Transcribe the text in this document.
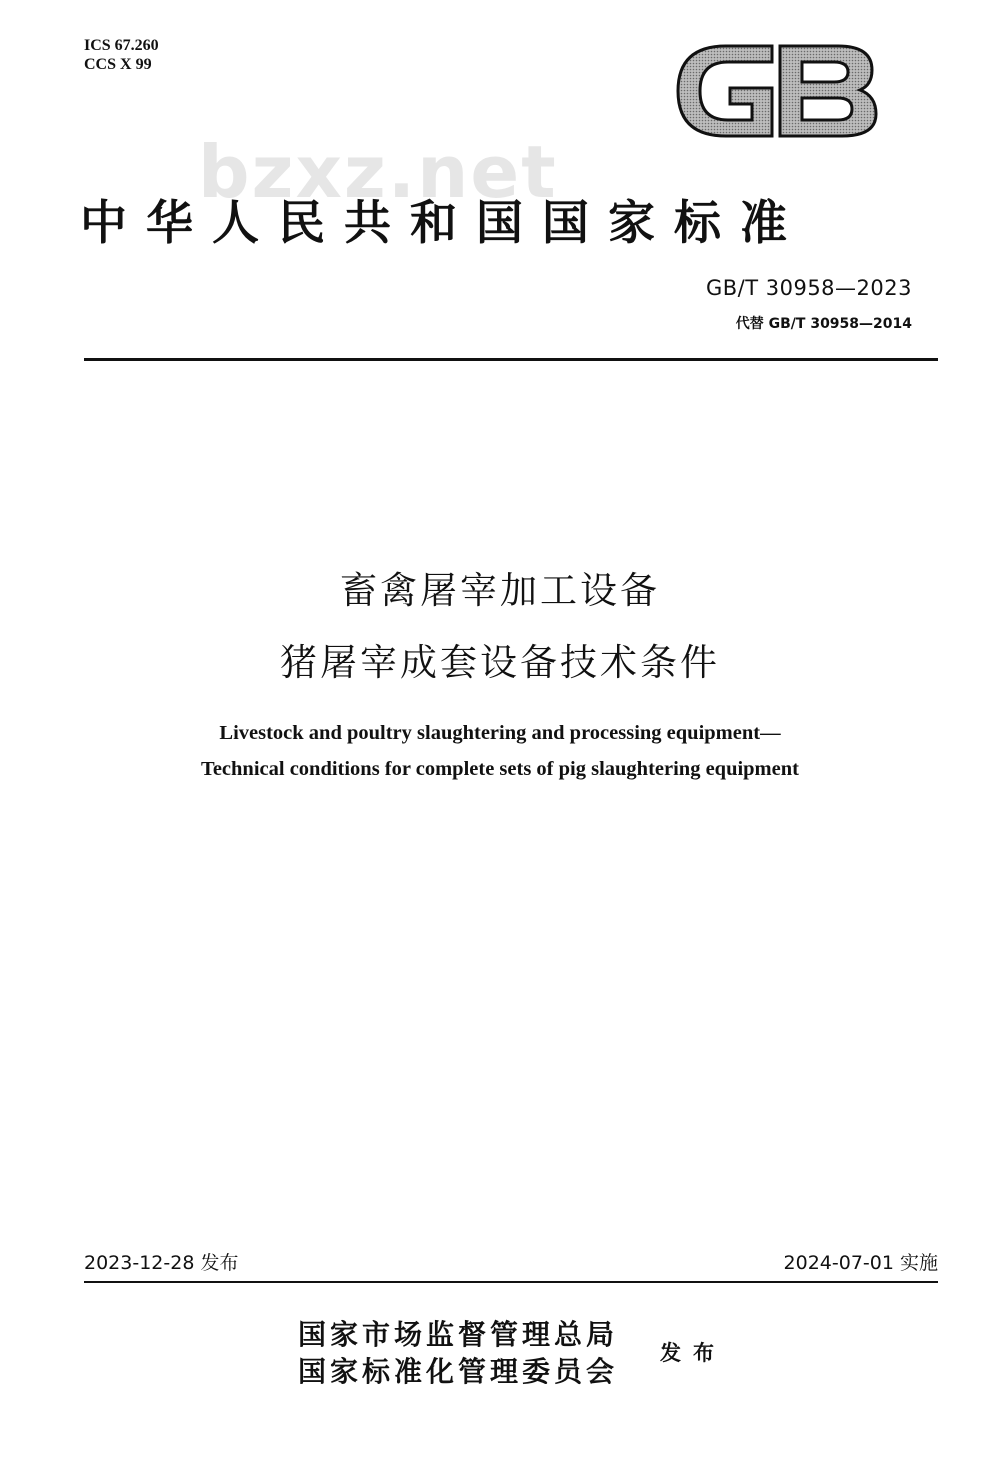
ICS 67.260
CCS X 99
bzxz.net
中华人民共和国国家标准
GB/T 30958—2023
代替 GB/T 30958—2014
畜禽屠宰加工设备
猪屠宰成套设备技术条件
Livestock and poultry slaughtering and processing equipment—
Technical conditions for complete sets of pig slaughtering equipment
2023-12-28 发布	2024-07-01 实施
国家市场监督管理总局
国家标准化管理委员会
发布
